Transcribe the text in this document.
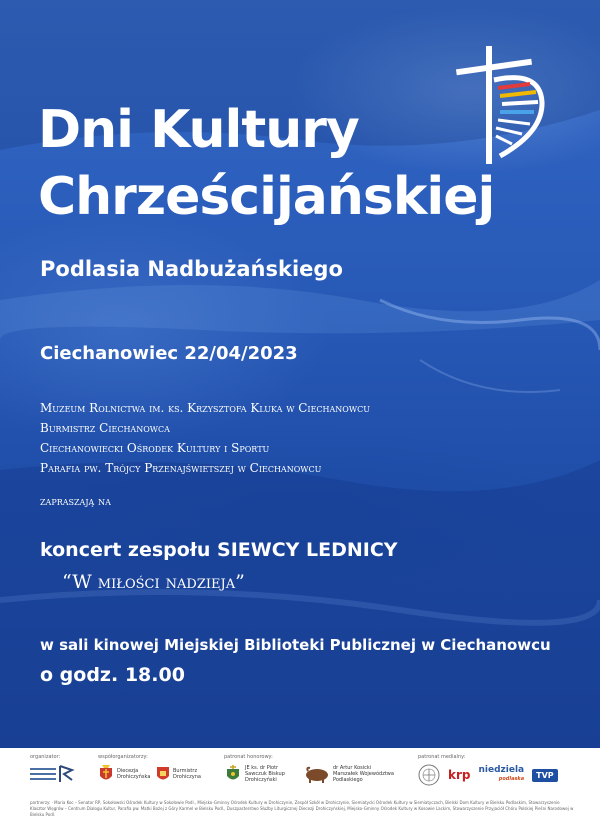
Dni Kultury
Chrześcijańskiej
Podlasia Nadbużańskiego
Ciechanowiec 22/04/2023
Muzeum Rolnictwa im. ks. Krzysztofa Kluka w Ciechanowcu
Burmistrz Ciechanowca
Ciechanowiecki Ośrodek Kultury i Sportu
Parafia pw. Trójcy Przenajświetszej w Ciechanowcu
zapraszają na
koncert zespołu SIEWCY LEDNICY
“W miłości nadzieja”
w sali kinowej Miejskiej Biblioteki Publicznej w Ciechanowcu
o godz. 18.00
organizator:	współorganizatorzy:
Diecezja Drohiczyńska
Burmistrz Drohiczyna
patronat honorowy:
JE ks. dr Piotr Sawczuk Biskup Drohiczyński
dr Artur Kosicki Marszałek Województwa Podlaskiego
patronat medialny:
krp niedziela
podlaska	TVP
partnerzy: · Maria Koc – Senator RP, Sokołowski Ośrodek Kultury w Sokołowie Podl., Miejsko-Gminny Ośrodek Kultury w Drohiczynie, Zespół Szkół w Drohiczynie, Siemiatycki Ośrodek Kultury w Siemiatyczach, Bielski Dom Kultury w Bielsku Podlaskim, Stowarzyszenie Klasztor Węgrów – Centrum Dialogu Kultur, Parafia pw. Matki Bożej z Góry Karmel w Bielsku Podl., Duszpasterstwo Służby Liturgicznej Diecezji Drohiczyńskiej, Miejsko-Gminny Ośrodek Kultury w Kosowie Lackim, Stowarzyszenie Przyjaciół Chóru Polskiej Pieśni Narodowej w Bielsku Podl.
